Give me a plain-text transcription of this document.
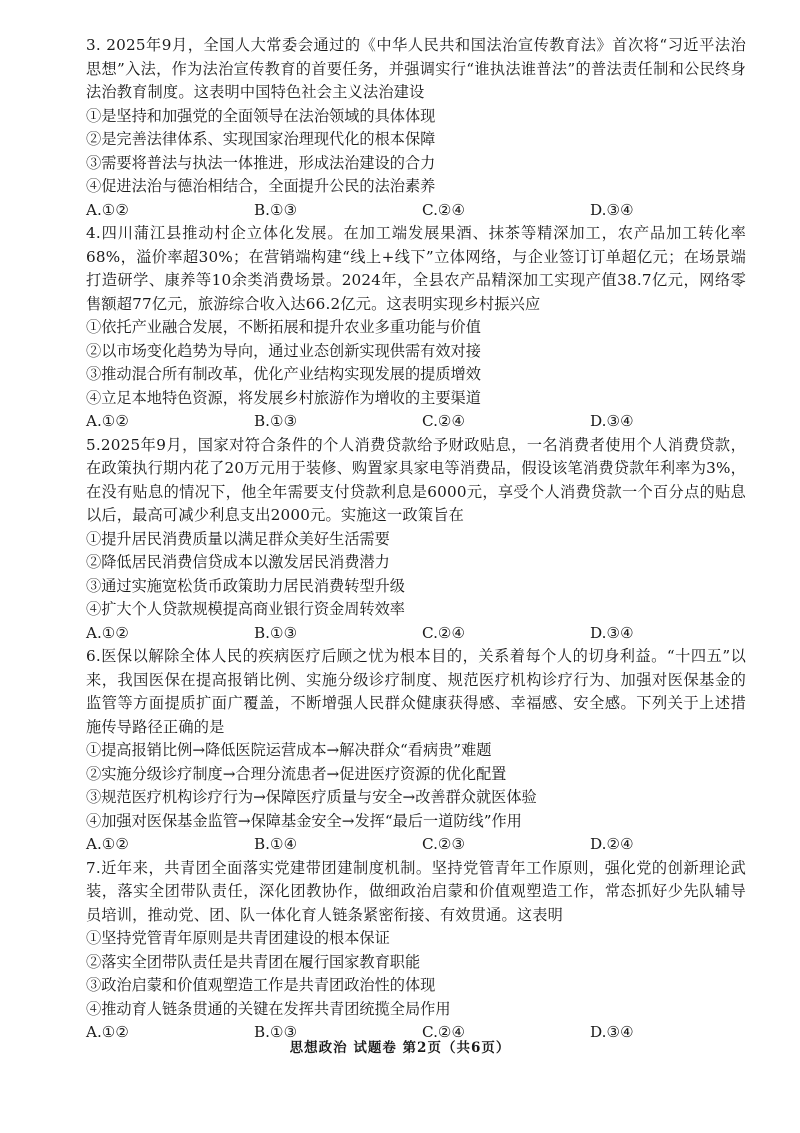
3. 2025年9月，全国人大常委会通过的《中华人民共和国法治宣传教育法》首次将“习近平法治思想”入法，作为法治宣传教育的首要任务，并强调实行“谁执法谁普法”的普法责任制和公民终身法治教育制度。这表明中国特色社会主义法治建设

①是坚持和加强党的全面领导在法治领域的具体体现

②是完善法律体系、实现国家治理现代化的根本保障

③需要将普法与执法一体推进，形成法治建设的合力

④促进法治与德治相结合，全面提升公民的法治素养

A.①②	B.①③	C.②④	D.③④

4.四川蒲江县推动村企立体化发展。在加工端发展果酒、抹茶等精深加工，农产品加工转化率68%，溢价率超30%；在营销端构建“线上+线下”立体网络，与企业签订订单超亿元；在场景端打造研学、康养等10余类消费场景。2024年，全县农产品精深加工实现产值38.7亿元，网络零售额超77亿元，旅游综合收入达66.2亿元。这表明实现乡村振兴应

①依托产业融合发展，不断拓展和提升农业多重功能与价值

②以市场变化趋势为导向，通过业态创新实现供需有效对接

③推动混合所有制改革，优化产业结构实现发展的提质增效

④立足本地特色资源，将发展乡村旅游作为增收的主要渠道

A.①②	B.①③	C.②④	D.③④

5.2025年9月，国家对符合条件的个人消费贷款给予财政贴息，一名消费者使用个人消费贷款，在政策执行期内花了20万元用于装修、购置家具家电等消费品，假设该笔消费贷款年利率为3%，在没有贴息的情况下，他全年需要支付贷款利息是6000元，享受个人消费贷款一个百分点的贴息以后，最高可减少利息支出2000元。实施这一政策旨在

①提升居民消费质量以满足群众美好生活需要

②降低居民消费信贷成本以激发居民消费潜力

③通过实施宽松货币政策助力居民消费转型升级

④扩大个人贷款规模提高商业银行资金周转效率

A.①②	B.①③	C.②④	D.③④

6.医保以解除全体人民的疾病医疗后顾之忧为根本目的，关系着每个人的切身利益。“十四五”以来，我国医保在提高报销比例、实施分级诊疗制度、规范医疗机构诊疗行为、加强对医保基金的监管等方面提质扩面广覆盖，不断增强人民群众健康获得感、幸福感、安全感。下列关于上述措施传导路径正确的是

①提高报销比例→降低医院运营成本→解决群众“看病贵”难题

②实施分级诊疗制度→合理分流患者→促进医疗资源的优化配置

③规范医疗机构诊疗行为→保障医疗质量与安全→改善群众就医体验

④加强对医保基金监管→保障基金安全→发挥“最后一道防线”作用

A.①②	B.①④	C.②③	D.②④

7.近年来，共青团全面落实党建带团建制度机制。坚持党管青年工作原则，强化党的创新理论武装，落实全团带队责任，深化团教协作，做细政治启蒙和价值观塑造工作，常态抓好少先队辅导员培训，推动党、团、队一体化育人链条紧密衔接、有效贯通。这表明

①坚持党管青年原则是共青团建设的根本保证

②落实全团带队责任是共青团在履行国家教育职能

③政治启蒙和价值观塑造工作是共青团政治性的体现

④推动育人链条贯通的关键在发挥共青团统揽全局作用

A.①②	B.①③	C.②④	D.③④
思想政治 试题卷 第2页（共6页）
